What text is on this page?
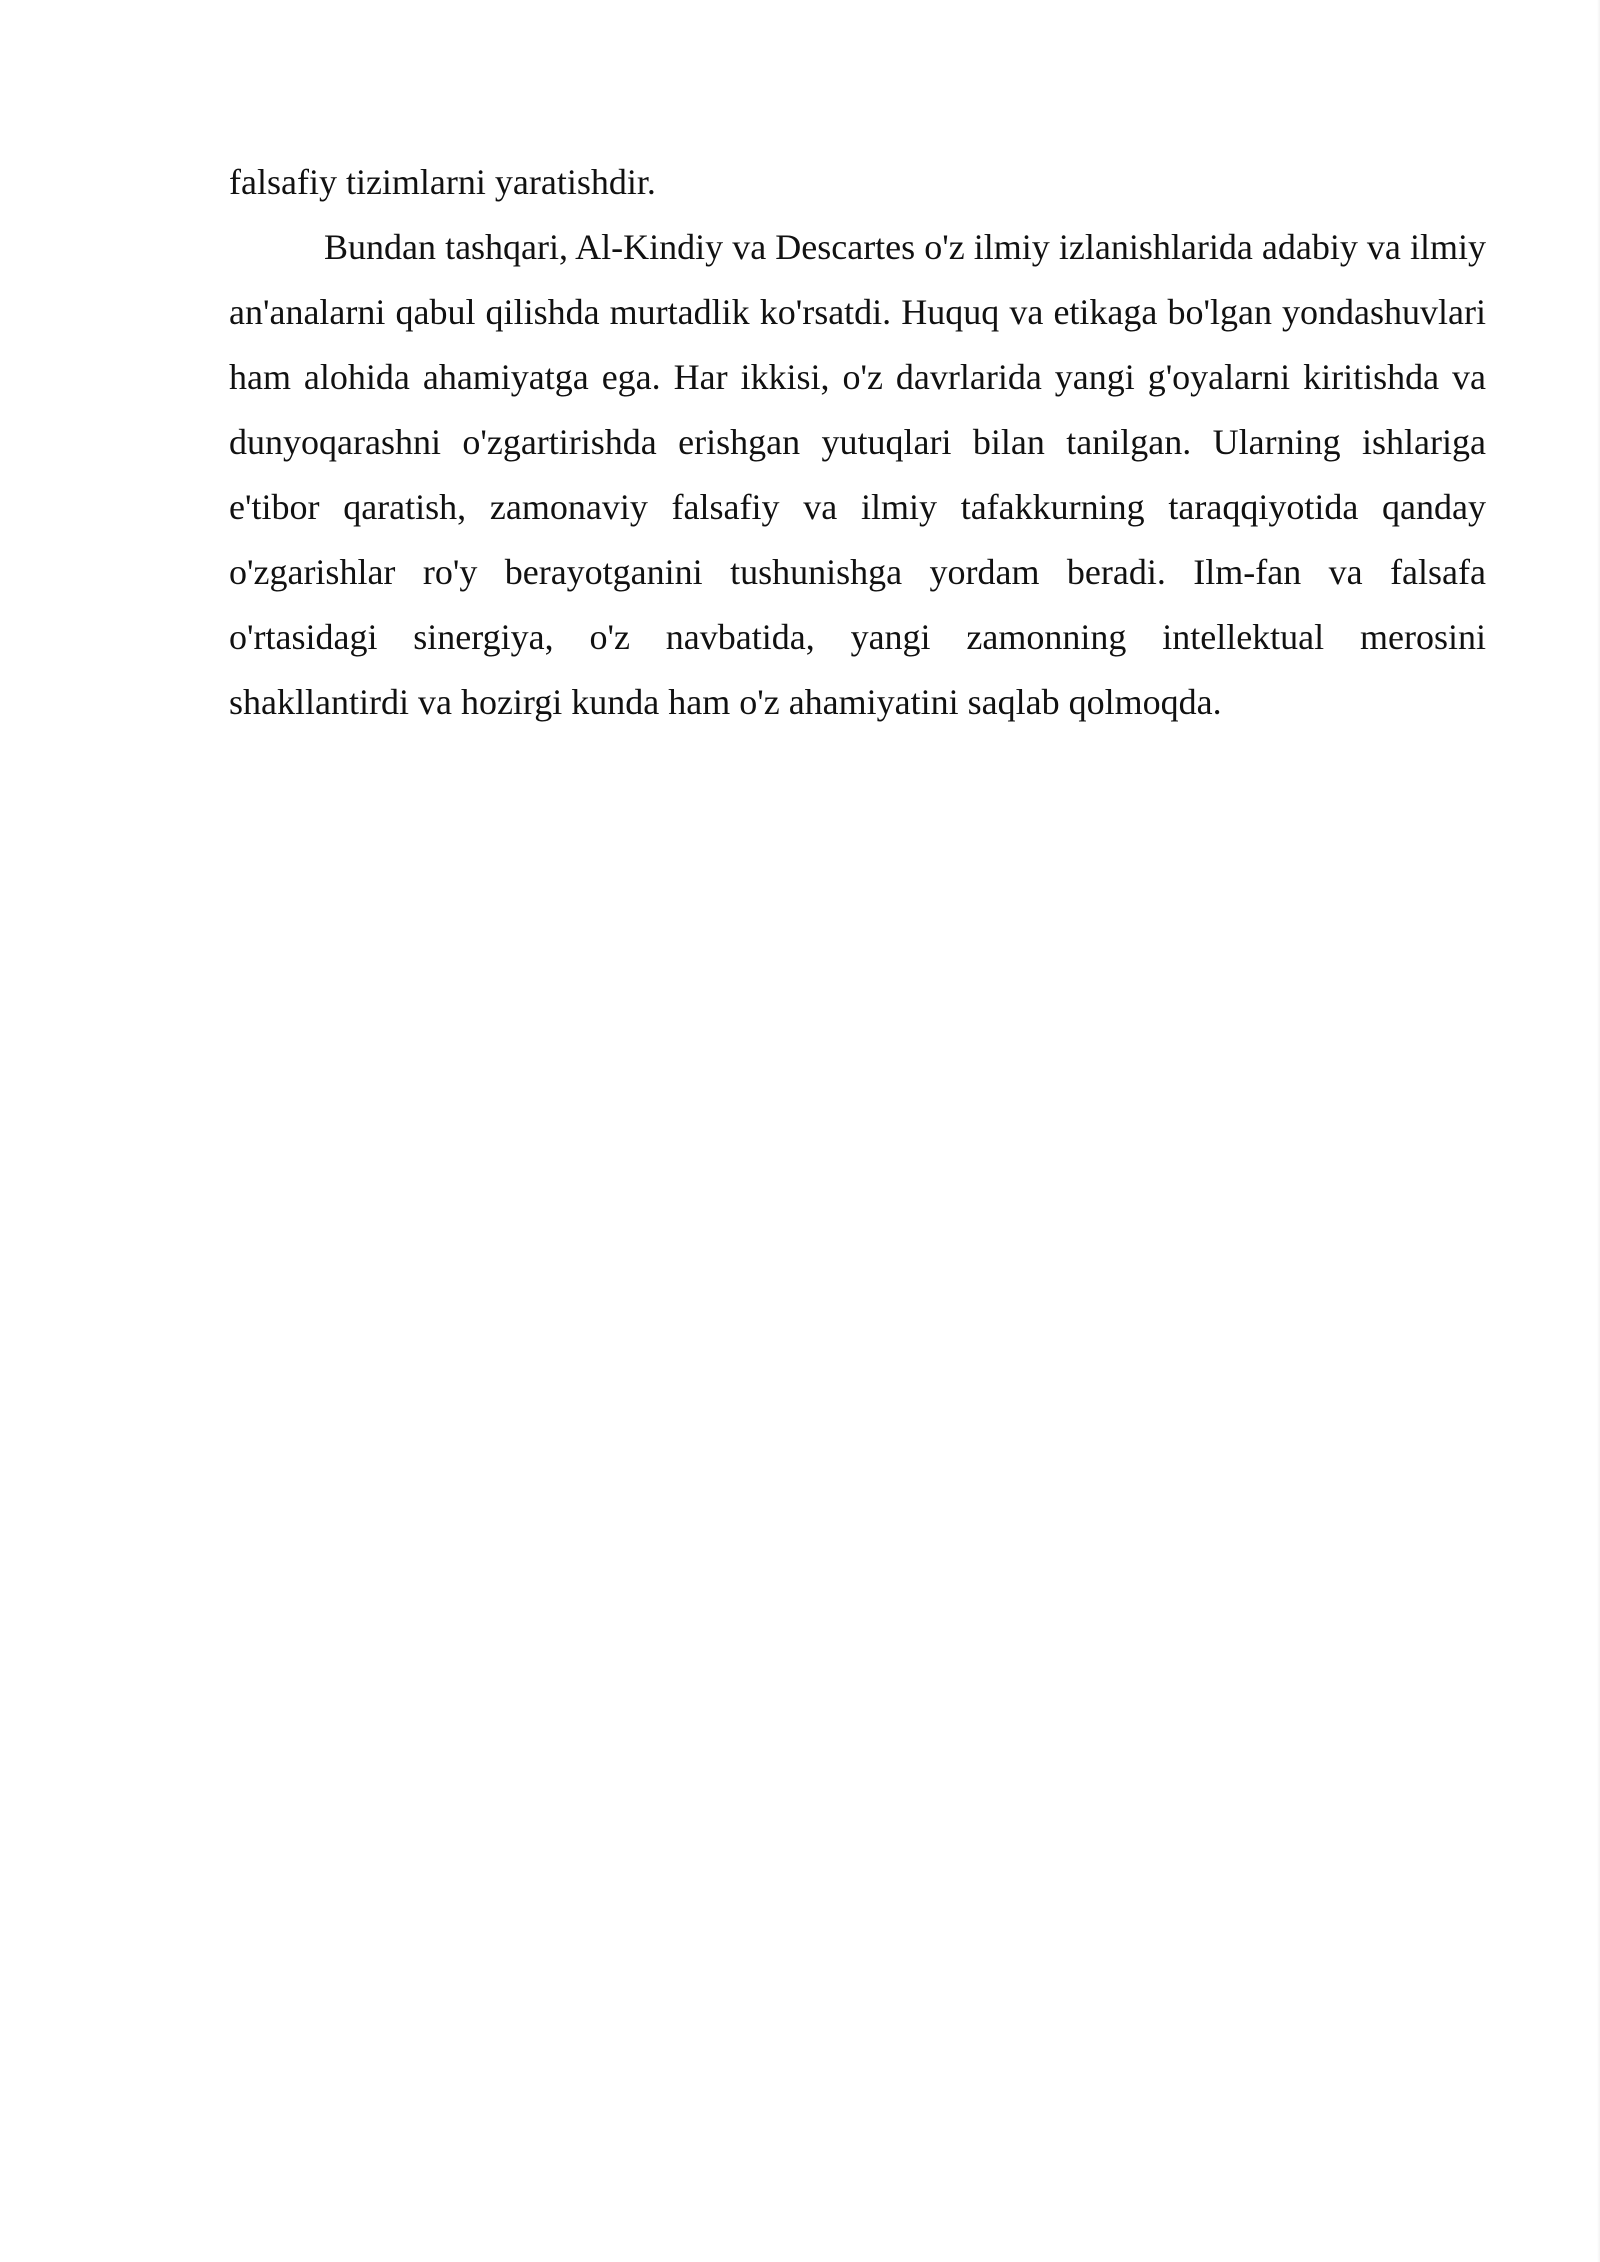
falsafiy tizimlarni yaratishdir.

Bundan tashqari, Al-Kindiy va Descartes o'z ilmiy izlanishlarida adabiy va ilmiy an'analarni qabul qilishda murtadlik ko'rsatdi. Huquq va etikaga bo'lgan yondashuvlari ham alohida ahamiyatga ega. Har ikkisi, o'z davrlarida yangi g'oyalarni kiritishda va dunyoqarashni o'zgartirishda erishgan yutuqlari bilan tanilgan. Ularning ishlariga e'tibor qaratish, zamonaviy falsafiy va ilmiy tafakkurning taraqqiyotida qanday o'zgarishlar ro'y berayotganini tushunishga yordam beradi. Ilm-fan va falsafa o'rtasidagi sinergiya, o'z navbatida, yangi zamonning intellektual merosini shakllantirdi va hozirgi kunda ham o'z ahamiyatini saqlab qolmoqda.
